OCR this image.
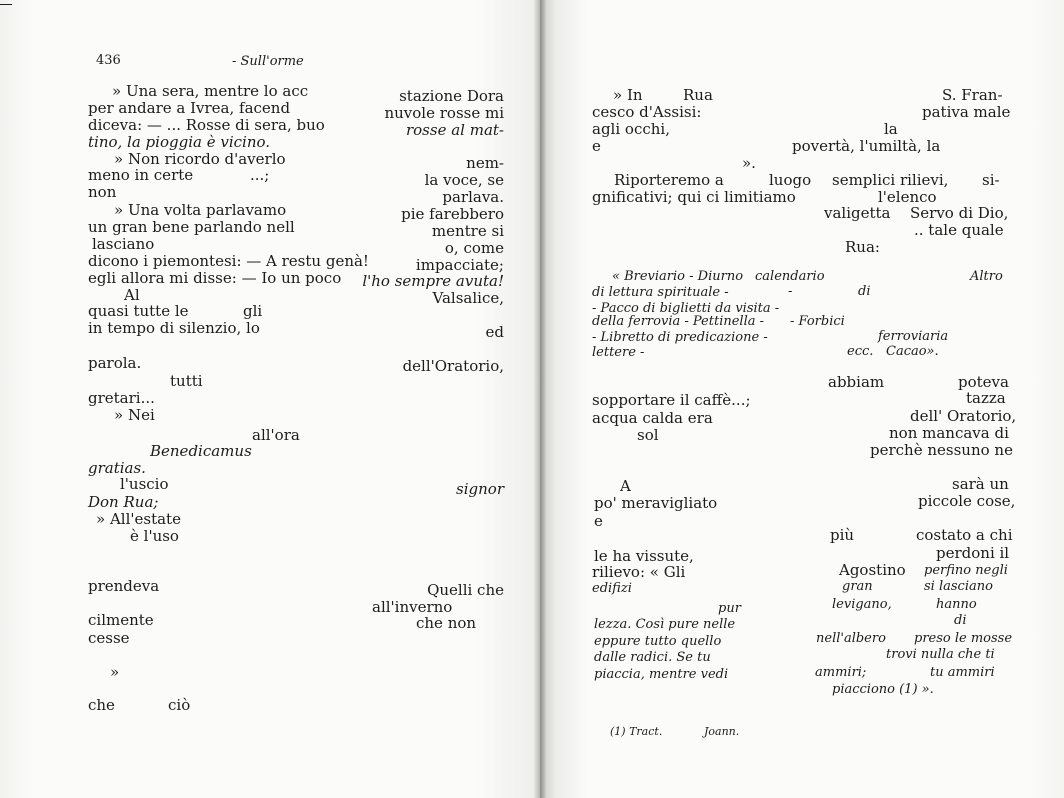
436	- Sull'orme
» Una sera, mentre lo acc
per andare a Ivrea, facend
diceva: — ... Rosse di sera, buo
tino, la pioggia è vicino.
» Non ricordo d'averlo
meno in certe	...;
non
» Una volta parlavamo
un gran bene parlando nell
lasciano
dicono i piemontesi: — A restu genà!
egli allora mi disse: — Io un poco
Al
quasi tutte le	gli
in tempo di silenzio, lo
parola.
tutti
gretari...
» Nei
all'ora
Benedicamus
gratias.
l'uscio
Don Rua;
» All'estate
è l'uso
prendeva
cilmente
cesse
»
che	ciò
stazione Dora
nuvole rosse mi
rosse al mat-
nem-
la voce, se
parlava.
pie farebbero
mentre si
o, come
impacciate;
l'ho sempre avuta!
Valsalice,
ed
dell'Oratorio,
signor
Quelli che
all'inverno
che non
» In	Rua	S. Fran-
cesco d'Assisi:	pativa male
agli occhi,	la
e	povertà, l'umiltà, la
».
Riporteremo a	luogo semplici rilievi, si-
gnificativi; qui ci limitiamo	l'elenco
valigetta Servo di Dio,
.. tale quale
Rua:
« Breviario - Diurno calendario	Altro
di lettura spirituale -	-	di
- Pacco di biglietti da visita -
della ferrovia - Pettinella - - Forbici
- Libretto di predicazione -	ferroviaria
lettere -	ecc. Cacao».
abbiam	poteva
sopportare il caffè...;	tazza
acqua calda era	dell' Oratorio,
sol	non mancava di
perchè nessuno ne
A	sarà un
po' meravigliato	piccole cose,
e
più	costato a chi
perdoni il
le ha vissute,
Agostino perfino negli
rilievo: « Gli
gran	si lasciano
edifizi
levigano,	hanno
pur
di
lezza. Così pure nelle
eppure tutto quello	nell'albero preso le mosse
dalle radici. Se tu	trovi nulla che ti
ammiri;	tu ammiri
piaccia, mentre vedi
piacciono (1) ».
(1) Tract.	Joann.
